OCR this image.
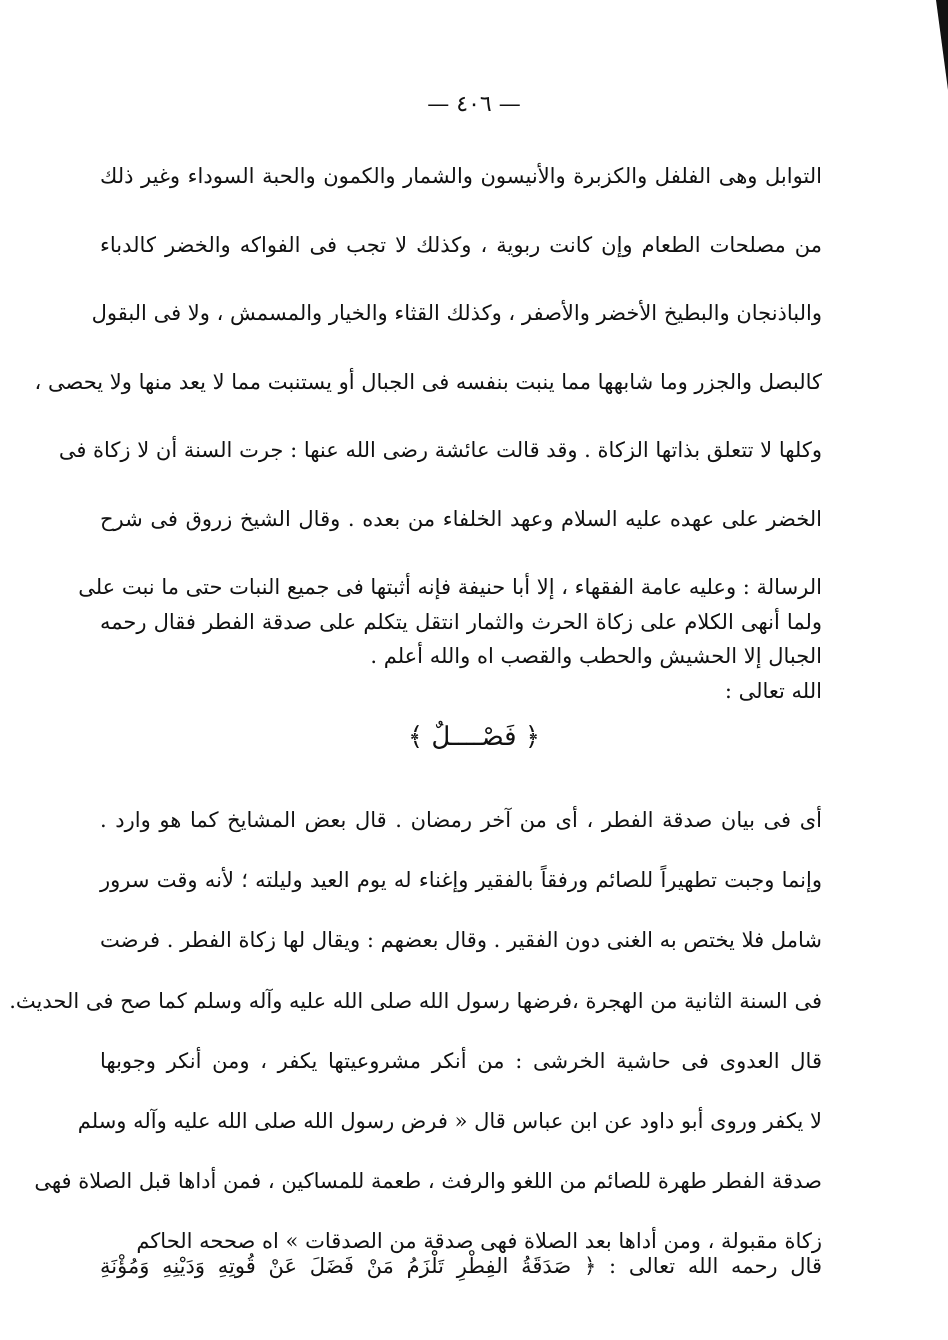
— ٤٠٦ —
التوابل وهى الفلفل والكزبرة والأنيسون والشمار والكمون والحبة السوداء وغير ذلك
من مصلحات الطعام وإن كانت ربوية ، وكذلك لا تجب فى الفواكه والخضر كالدباء
والباذنجان والبطيخ الأخضر والأصفر ، وكذلك القثاء والخيار والمسمش ، ولا فى البقول
كالبصل والجزر وما شابهها مما ينبت بنفسه فى الجبال أو يستنبت مما لا يعد منها ولا يحصى ،
وكلها لا تتعلق بذاتها الزكاة . وقد قالت عائشة رضى الله عنها : جرت السنة أن لا زكاة فى
الخضر على عهده عليه السلام وعهد الخلفاء من بعده . وقال الشيخ زروق فى شرح
الرسالة : وعليه عامة الفقهاء ، إلا أبا حنيفة فإنه أثبتها فى جميع النبات حتى ما نبت على
الجبال إلا الحشيش والحطب والقصب اه والله أعلم .
ولما أنهى الكلام على زكاة الحرث والثمار انتقل يتكلم على صدقة الفطر فقال رحمه
الله تعالى :
﴿ فَصْــــلٌ ﴾
أى فى بيان صدقة الفطر ، أى من آخر رمضان . قال بعض المشايخ كما هو وارد .
وإنما وجبت تطهيراً للصائم ورفقاً بالفقير وإغناء له يوم العيد وليلته ؛ لأنه وقت سرور
شامل فلا يختص به الغنى دون الفقير . وقال بعضهم : ويقال لها زكاة الفطر . فرضت
فى السنة الثانية من الهجرة ،فرضها رسول الله صلى الله عليه وآله وسلم كما صح فى الحديث.
قال العدوى فى حاشية الخرشى : من أنكر مشروعيتها يكفر ، ومن أنكر وجوبها
لا يكفر وروى أبو داود عن ابن عباس قال « فرض رسول الله صلى الله عليه وآله وسلم
صدقة الفطر طهرة للصائم من اللغو والرفث ، طعمة للمساكين ، فمن أداها قبل الصلاة فهى
زكاة مقبولة ، ومن أداها بعد الصلاة فهى صدقة من الصدقات » اه صححه الحاكم
قال رحمه الله تعالى : ﴿ صَدَقَةُ الفِطْرِ تَلْزَمُ مَنْ فَضَلَ عَنْ قُوتِهِ وَدَيْنِهِ وَمُؤْنَةِ
